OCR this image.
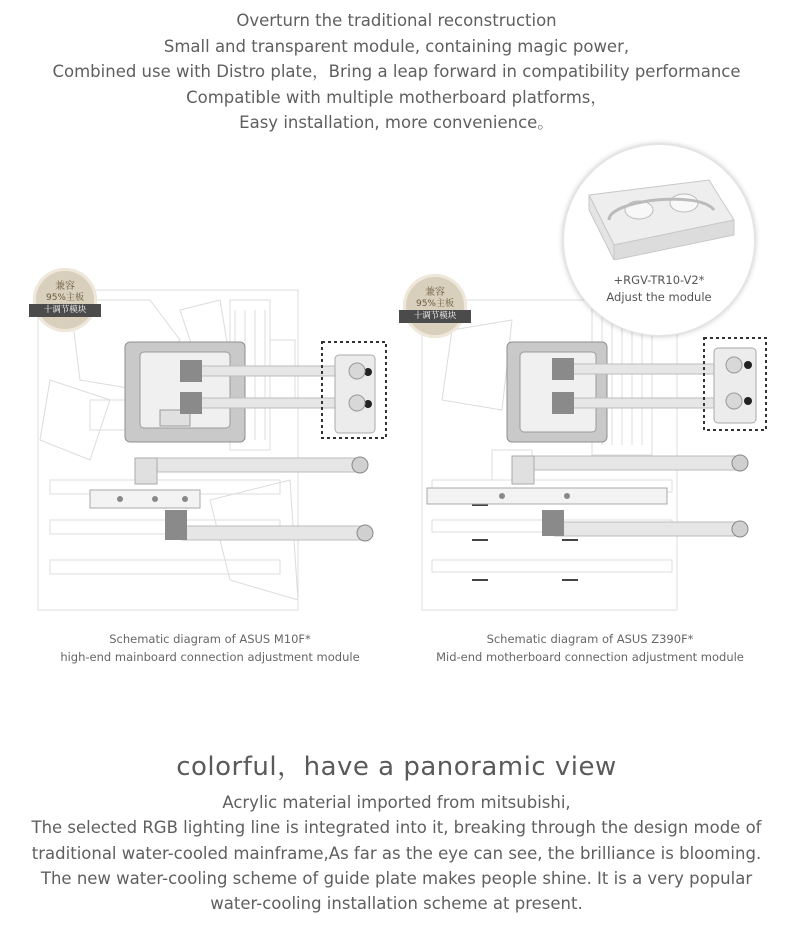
Overturn the traditional reconstruction
Small and transparent module, containing magic power,
Combined use with Distro plate，Bring a leap forward in compatibility performance
Compatible with multiple motherboard platforms，
Easy installation, more convenience。
兼容
95%主板
十调节模块
Schematic diagram of ASUS M10F*
high-end mainboard connection adjustment module
兼容
95%主板
十调节模块
+RGV-TR10-V2*
Adjust the module
Schematic diagram of ASUS Z390F*
Mid-end motherboard connection adjustment module
colorful，have a panoramic view
Acrylic material imported from mitsubishi,
The selected RGB lighting line is integrated into it, breaking through the design mode of
traditional water-cooled mainframe,As far as the eye can see, the brilliance is blooming.
The new water-cooling scheme of guide plate makes people shine. It is a very popular
water-cooling installation scheme at present.
